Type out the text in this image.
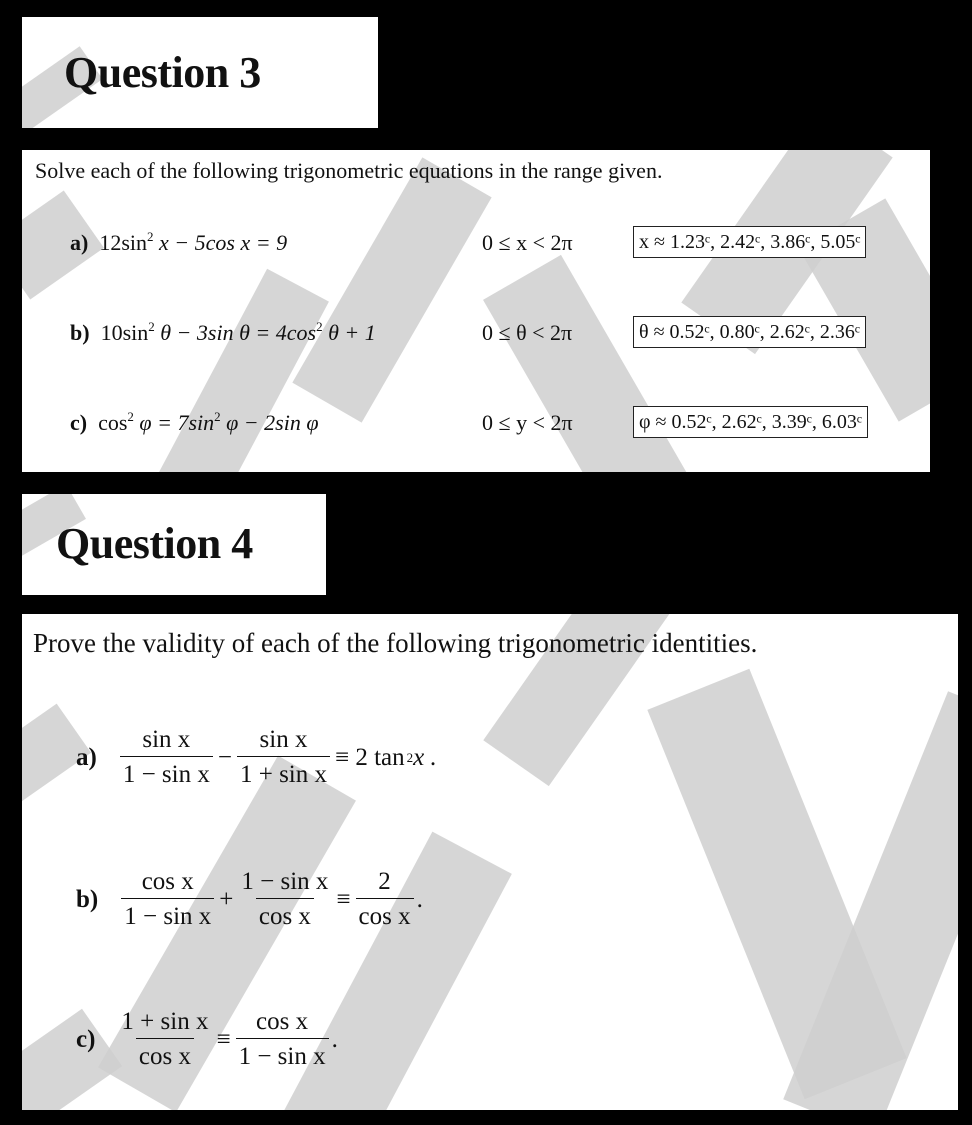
Question 3
Solve each of the following trigonometric equations in the range given.
a) $12\sin^2$ x − 5cos x = 9	0 ≤ x < 2π	x ≈ 1.23ᶜ, 2.42ᶜ, 3.86ᶜ, 5.05ᶜ
b) $10\sin^2$ θ − 3sin $\theta = 4\cos^2$ θ + 1	0 ≤ θ < 2π	θ ≈ 0.52ᶜ, 0.80ᶜ, 2.62ᶜ, 2.36ᶜ
c) $\cos^2 \varphi = 7\sin^2$ φ − 2sin φ	0 ≤ y < 2π	φ ≈ 0.52ᶜ, 2.62ᶜ, 3.39ᶜ, 6.03ᶜ
Question 4
Prove the validity of each of the following trigonometric identities.
$a) \frac{\text{sin x}}{\text{1 − sin x}} - \frac{\text{sin x}}{\text{1 + sin x}} \equiv 2$ tan 2 x .
$b) \frac{\text{cos x}}{\text{1 − sin x}} + \frac{\text{1 − sin x}}{\text{cos x}} \equiv \frac{2}{\text{cos x}}$ .
$c) \frac{\text{1 + sin x}}{\text{cos x}} \equiv \frac{\text{cos x}}{\text{1 − sin x}}$ .
